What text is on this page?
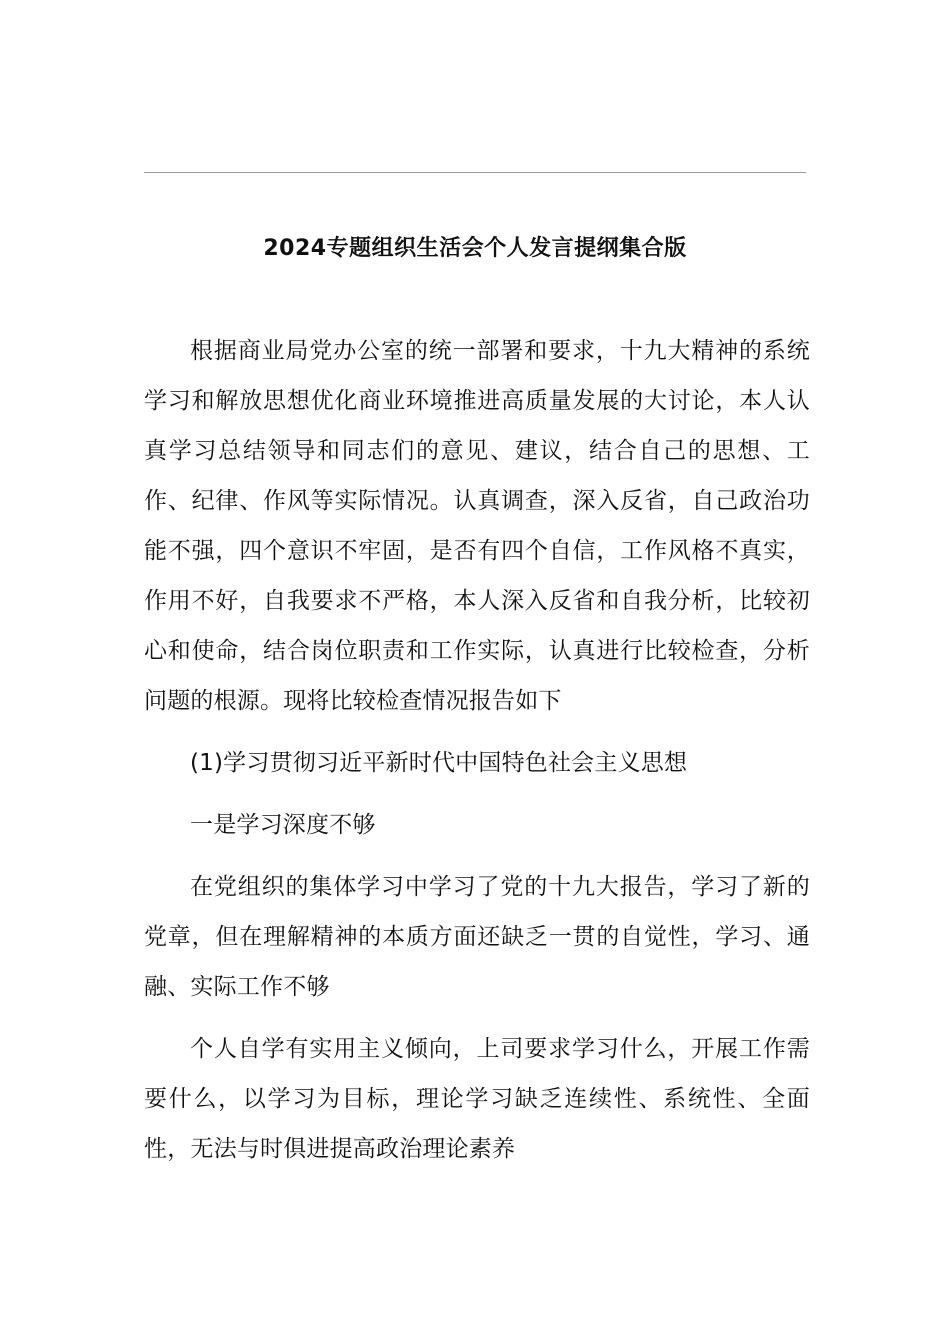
2024专题组织生活会个人发言提纲集合版

根据商业局党办公室的统一部署和要求，十九大精神的系统学习和解放思想优化商业环境推进高质量发展的大讨论，本人认真学习总结领导和同志们的意见、建议，结合自己的思想、工作、纪律、作风等实际情况。认真调查，深入反省，自己政治功能不强，四个意识不牢固，是否有四个自信，工作风格不真实，作用不好，自我要求不严格，本人深入反省和自我分析，比较初心和使命，结合岗位职责和工作实际，认真进行比较检查，分析问题的根源。现将比较检查情况报告如下

(1)学习贯彻习近平新时代中国特色社会主义思想

一是学习深度不够

在党组织的集体学习中学习了党的十九大报告，学习了新的党章，但在理解精神的本质方面还缺乏一贯的自觉性，学习、通融、实际工作不够

个人自学有实用主义倾向，上司要求学习什么，开展工作需要什么，以学习为目标，理论学习缺乏连续性、系统性、全面性，无法与时俱进提高政治理论素养
